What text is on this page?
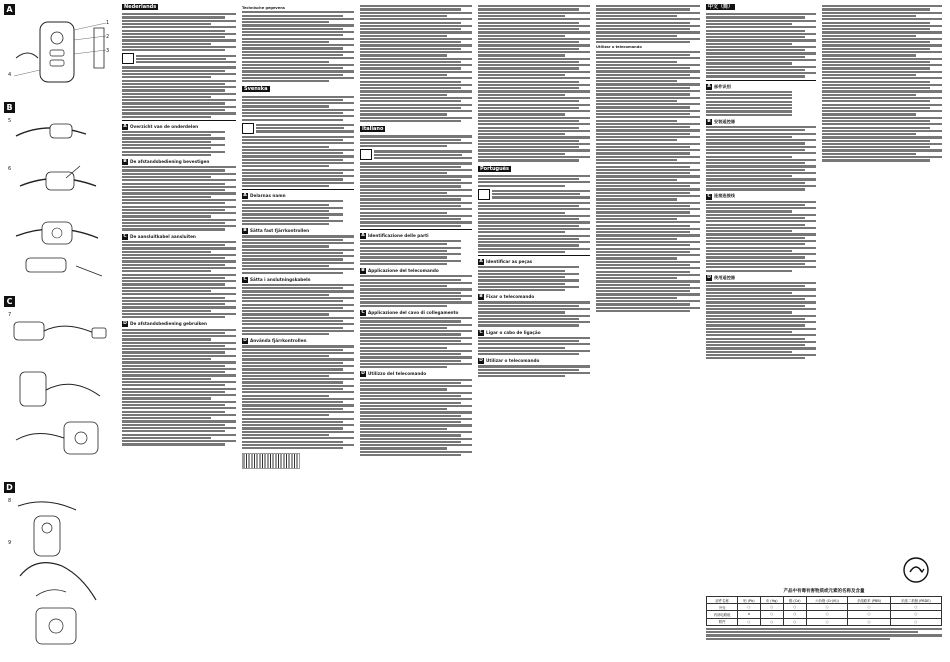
A
1
2
3
4
B
5
6
C
7
D
8
9
Nederlands
A Overzicht van de onderdelen
B De afstandsbediening bevestigen
C De aansluitkabel aansluiten
D De afstandsbediening gebruiken
Technische gegevens
Svenska
A Delarnas namn
B Sätta fast fjärrkontrollen
C Sätta i anslutningskabeln
D Använda fjärrkontrollen
Italiano
A Identificazione delle parti
B Applicazione del telecomando
C Applicazione del cavo di collegamento
D Utilizzo del telecomando
Português
A Identificar as peças
B Fixar o telecomando
C Ligar o cabo de ligação
D Utilizar o telecomando
Utilizar o telecomando
中文（简）
A 部件识别
B 安装遥控器
C 连接连接线
D 使用遥控器
产品中有毒有害物质或元素的名称及含量
部件名称	铅 (Pb)	汞 (Hg)	镉 (Cd)	六价铬 (Cr(VI))	多溴联苯 (PBB)	多溴二苯醚 (PBDE)
外壳	○	○	○	○	○	○
内部电路板	×	○	○	○	○	○
附件	○	○	○	○	○	○
